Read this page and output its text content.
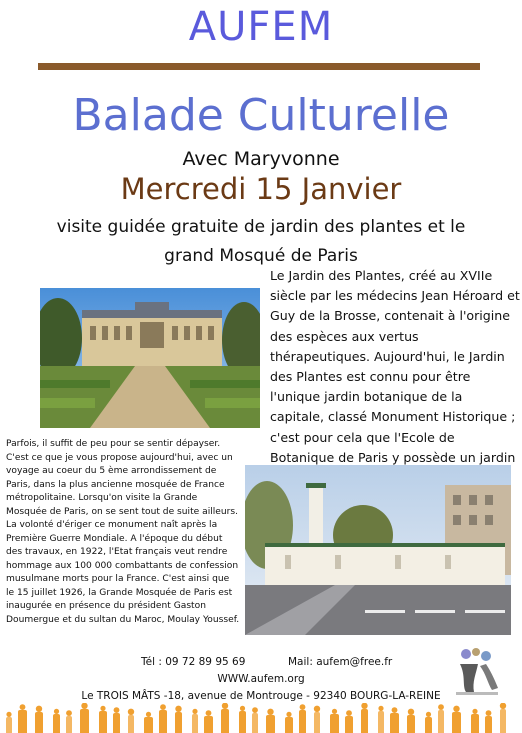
AUFEM
Balade Culturelle
Avec Maryvonne
Mercredi 15 Janvier
visite guidée gratuite de jardin des plantes et le grand Mosqué de Paris
Le Jardin des Plantes, créé au XVIIe siècle par les médecins Jean Héroard et Guy de la Brosse, contenait à l'origine des espèces aux vertus thérapeutiques. Aujourd'hui, le Jardin des Plantes est connu pour être l'unique jardin botanique de la capitale, classé Monument Historique ; c'est pour cela que l'Ecole de Botanique de Paris y possède un jardin
Parfois, il suffit de peu pour se sentir dépayser. C'est ce que je vous propose aujourd'hui, avec un voyage au coeur du 5 ème arrondissement de Paris, dans la plus ancienne mosquée de France métropolitaine. Lorsqu'on visite la Grande Mosquée de Paris, on se sent tout de suite ailleurs. La volonté d'ériger ce monument naît après la Première Guerre Mondiale. A l'époque du début des travaux, en 1922, l'Etat français veut rendre hommage aux 100 000 combattants de confession musulmane morts pour la France. C'est ainsi que le 15 juillet 1926, la Grande Mosquée de Paris est inaugurée en présence du président Gaston Doumergue et du sultan du Maroc, Moulay Youssef.
Tél : 09 72 89 95 69	Mail: aufem@free.fr
WWW.aufem.org
Le TROIS MÂTS -18, avenue de Montrouge - 92340 BOURG-LA-REINE
